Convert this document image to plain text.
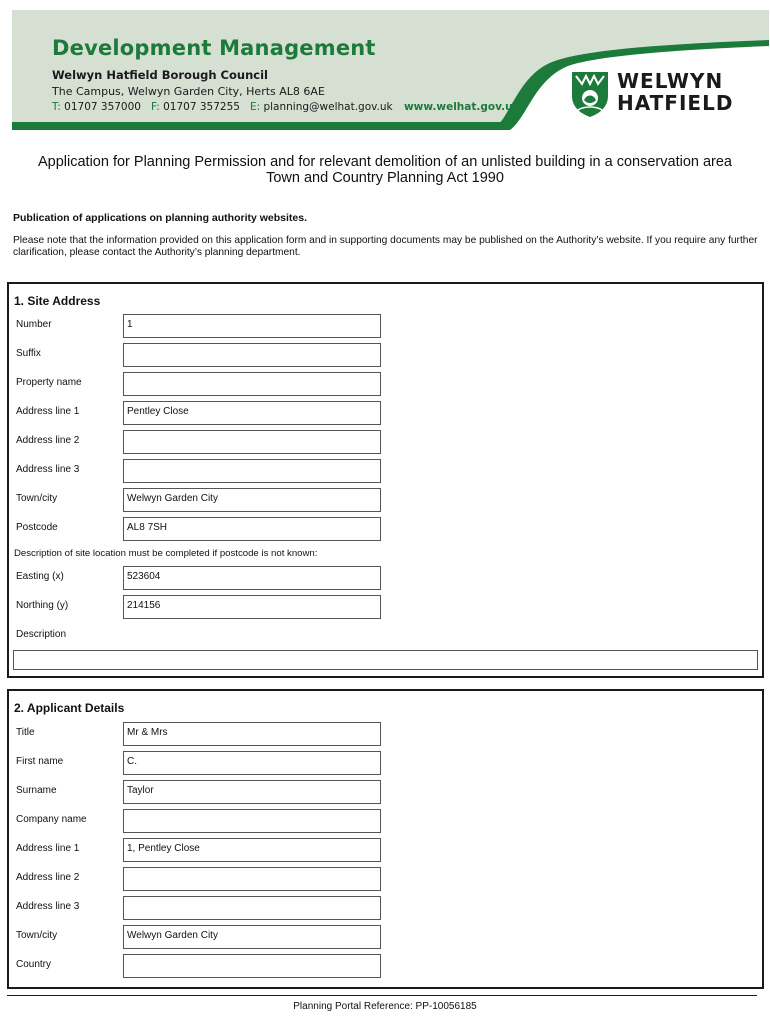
Development Management
Welwyn Hatfield Borough Council
The Campus, Welwyn Garden City, Herts AL8 6AE
T: 01707 357000 F: 01707 357255 E: planning@welhat.gov.uk www.welhat.gov.uk
WELWYN
HATFIELD
Application for Planning Permission and for relevant demolition of an unlisted building in a conservation area
Town and Country Planning Act 1990
Publication of applications on planning authority websites.
Please note that the information provided on this application form and in supporting documents may be published on the Authority’s website. If you require any further clarification, please contact the Authority’s planning department.
1. Site Address
Number	1
Suffix
Property name
Address line 1	Pentley Close
Address line 2
Address line 3
Town/city	Welwyn Garden City
Postcode	AL8 7SH
Description of site location must be completed if postcode is not known:
Easting (x)	523604
Northing (y)	214156
Description
2. Applicant Details
Title	Mr & Mrs
First name	C.
Surname	Taylor
Company name
Address line 1	1, Pentley Close
Address line 2
Address line 3
Town/city	Welwyn Garden City
Country
Planning Portal Reference: PP-10056185
